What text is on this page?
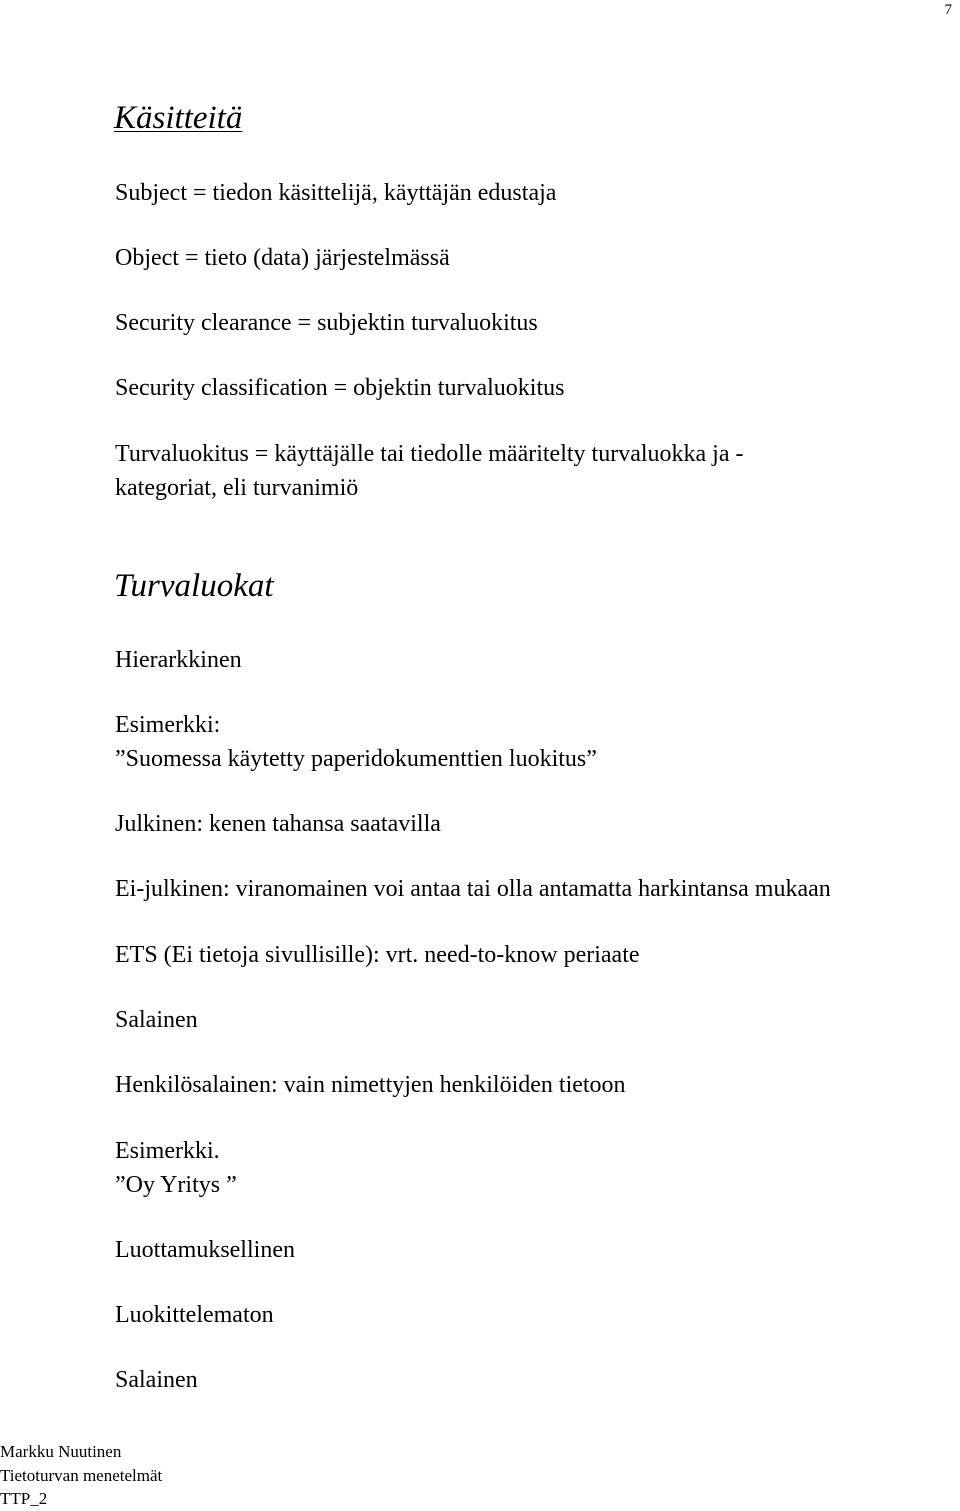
7
Käsitteitä
Subject = tiedon käsittelijä, käyttäjän edustaja
Object = tieto (data) järjestelmässä
Security clearance = subjektin turvaluokitus
Security classification = objektin turvaluokitus
Turvaluokitus = käyttäjälle tai tiedolle määritelty turvaluokka ja -
kategoriat, eli turvanimiö
Turvaluokat
Hierarkkinen
Esimerkki:
”Suomessa käytetty paperidokumenttien luokitus”
Julkinen: kenen tahansa saatavilla
Ei-julkinen: viranomainen voi antaa tai olla antamatta harkintansa mukaan
ETS (Ei tietoja sivullisille): vrt. need-to-know periaate
Salainen
Henkilösalainen: vain nimettyjen henkilöiden tietoon
Esimerkki.
”Oy Yritys ”
Luottamuksellinen
Luokittelematon
Salainen
Markku Nuutinen
Tietoturvan menetelmät
TTP_2
